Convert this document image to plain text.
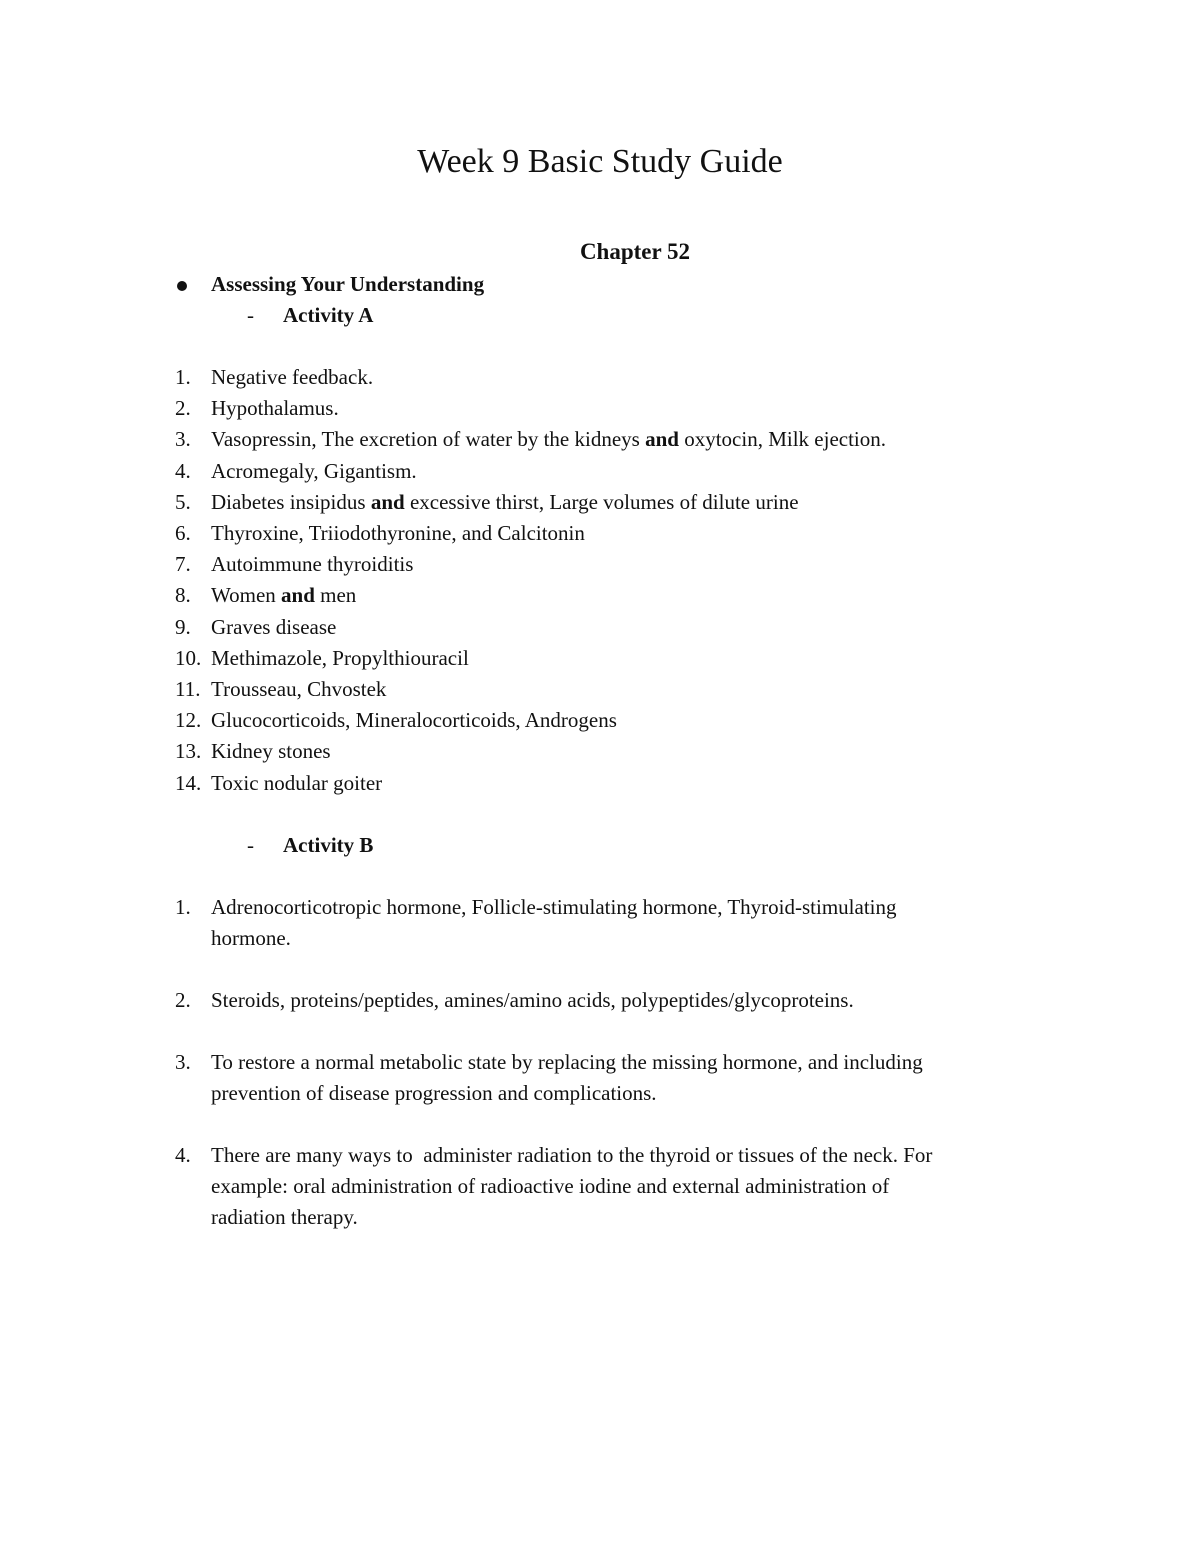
Week 9 Basic Study Guide
Chapter 52
Assessing Your Understanding
- Activity A
1. Negative feedback.
2. Hypothalamus.
3. Vasopressin, The excretion of water by the kidneys and oxytocin, Milk ejection.
4. Acromegaly, Gigantism.
5. Diabetes insipidus and excessive thirst, Large volumes of dilute urine
6. Thyroxine, Triiodothyronine, and Calcitonin
7. Autoimmune thyroiditis
8. Women and men
9. Graves disease
10. Methimazole, Propylthiouracil
11. Trousseau, Chvostek
12. Glucocorticoids, Mineralocorticoids, Androgens
13. Kidney stones
14. Toxic nodular goiter
- Activity B
1. Adrenocorticotropic hormone, Follicle-stimulating hormone, Thyroid-stimulating
hormone.
2. Steroids, proteins/peptides, amines/amino acids, polypeptides/glycoproteins.
3. To restore a normal metabolic state by replacing the missing hormone, and including
prevention of disease progression and complications.
4. There are many ways to  administer radiation to the thyroid or tissues of the neck. For
example: oral administration of radioactive iodine and external administration of
radiation therapy.
